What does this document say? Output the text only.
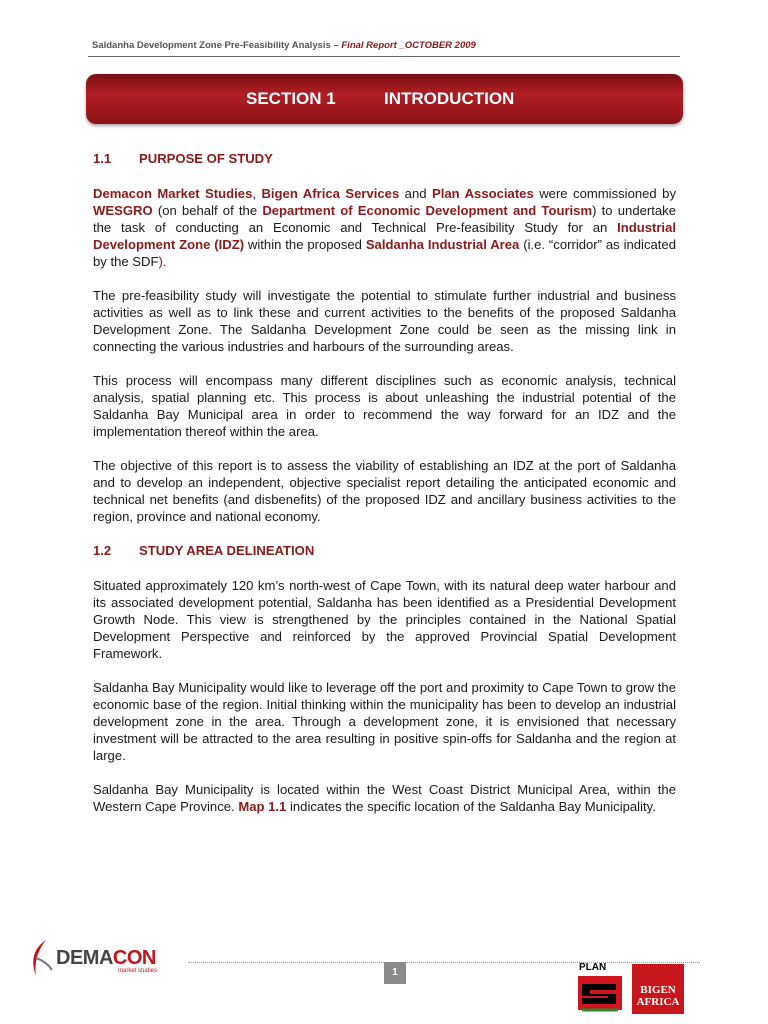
Saldanha Development Zone Pre-Feasibility Analysis – Final Report _OCTOBER 2009
SECTION 1	INTRODUCTION
1.1 PURPOSE OF STUDY

Demacon Market Studies, Bigen Africa Services and Plan Associates were commissioned by WESGRO (on behalf of the Department of Economic Development and Tourism) to undertake the task of conducting an Economic and Technical Pre-feasibility Study for an Industrial Development Zone (IDZ) within the proposed Saldanha Industrial Area (i.e. “corridor” as indicated by the SDF).

The pre-feasibility study will investigate the potential to stimulate further industrial and business activities as well as to link these and current activities to the benefits of the proposed Saldanha Development Zone. The Saldanha Development Zone could be seen as the missing link in connecting the various industries and harbours of the surrounding areas.

This process will encompass many different disciplines such as economic analysis, technical analysis, spatial planning etc. This process is about unleashing the industrial potential of the Saldanha Bay Municipal area in order to recommend the way forward for an IDZ and the implementation thereof within the area.

The objective of this report is to assess the viability of establishing an IDZ at the port of Saldanha and to develop an independent, objective specialist report detailing the anticipated economic and technical net benefits (and disbenefits) of the proposed IDZ and ancillary business activities to the region, province and national economy.

1.2 STUDY AREA DELINEATION

Situated approximately 120 km’s north-west of Cape Town, with its natural deep water harbour and its associated development potential, Saldanha has been identified as a Presidential Development Growth Node. This view is strengthened by the principles contained in the National Spatial Development Perspective and reinforced by the approved Provincial Spatial Development Framework.

Saldanha Bay Municipality would like to leverage off the port and proximity to Cape Town to grow the economic base of the region. Initial thinking within the municipality has been to develop an industrial development zone in the area. Through a development zone, it is envisioned that necessary investment will be attracted to the area resulting in positive spin-offs for Saldanha and the region at large.

Saldanha Bay Municipality is located within the West Coast District Municipal Area, within the Western Cape Province. Map 1.1 indicates the specific location of the Saldanha Bay Municipality.

DEMACON
market studies	1	PLAN
BIGEN
AFRICA
